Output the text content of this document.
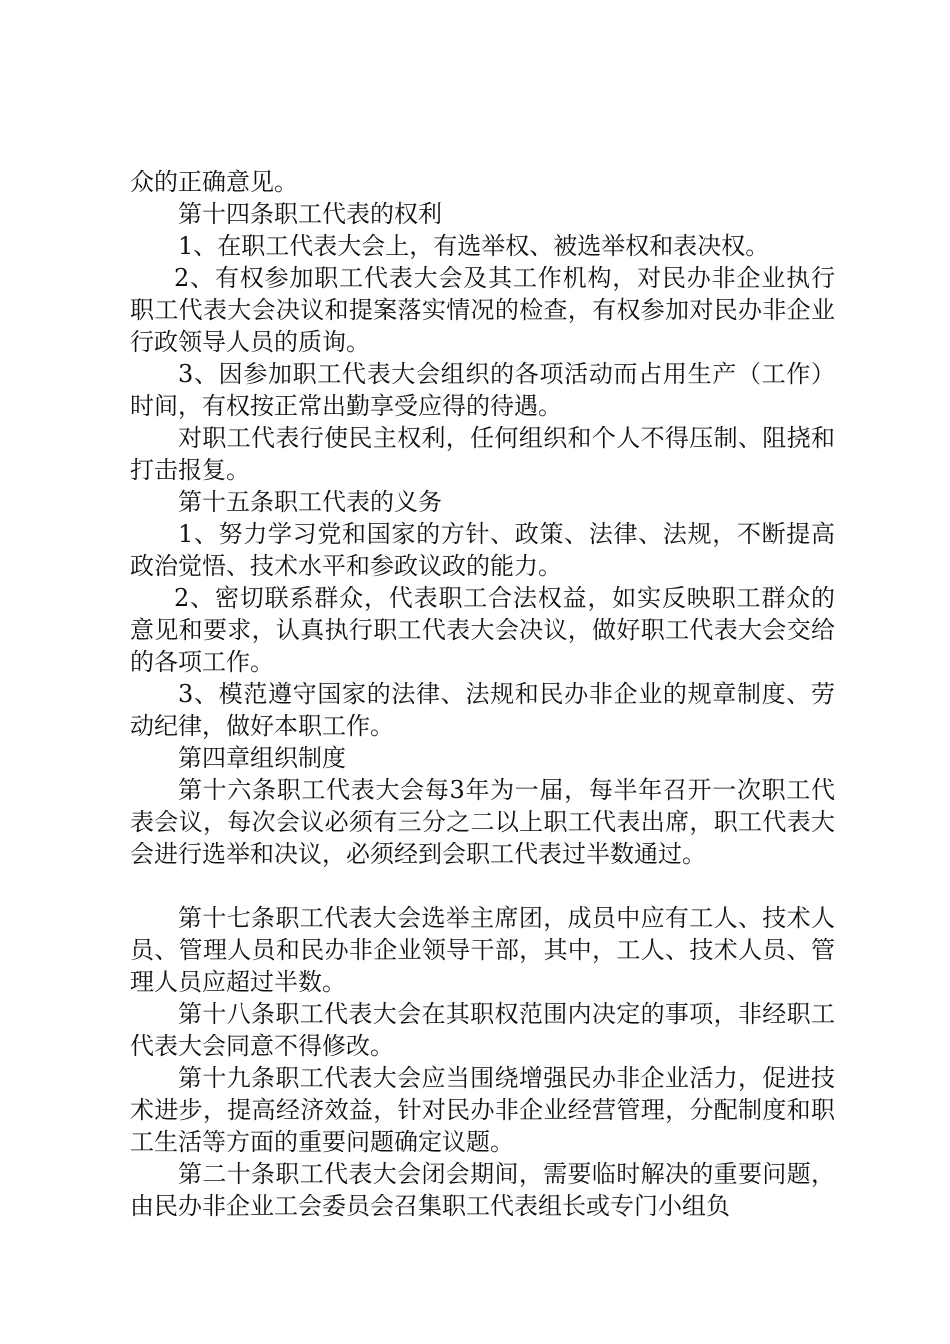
众的正确意见。

第十四条职工代表的权利

1、在职工代表大会上，有选举权、被选举权和表决权。

2、有权参加职工代表大会及其工作机构，对民办非企业执行职工代表大会决议和提案落实情况的检查，有权参加对民办非企业行政领导人员的质询。

3、因参加职工代表大会组织的各项活动而占用生产（工作）时间，有权按正常出勤享受应得的待遇。

对职工代表行使民主权利，任何组织和个人不得压制、阻挠和打击报复。

第十五条职工代表的义务

1、努力学习党和国家的方针、政策、法律、法规，不断提高政治觉悟、技术水平和参政议政的能力。

2、密切联系群众，代表职工合法权益，如实反映职工群众的意见和要求，认真执行职工代表大会决议，做好职工代表大会交给的各项工作。

3、模范遵守国家的法律、法规和民办非企业的规章制度、劳动纪律，做好本职工作。

第四章组织制度

第十六条职工代表大会每3年为一届，每半年召开一次职工代表会议，每次会议必须有三分之二以上职工代表出席，职工代表大会进行选举和决议，必须经到会职工代表过半数通过。

第十七条职工代表大会选举主席团，成员中应有工人、技术人员、管理人员和民办非企业领导干部，其中，工人、技术人员、管理人员应超过半数。

第十八条职工代表大会在其职权范围内决定的事项，非经职工代表大会同意不得修改。

第十九条职工代表大会应当围绕增强民办非企业活力，促进技术进步，提高经济效益，针对民办非企业经营管理，分配制度和职工生活等方面的重要问题确定议题。

第二十条职工代表大会闭会期间，需要临时解决的重要问题，由民办非企业工会委员会召集职工代表组长或专门小组负
